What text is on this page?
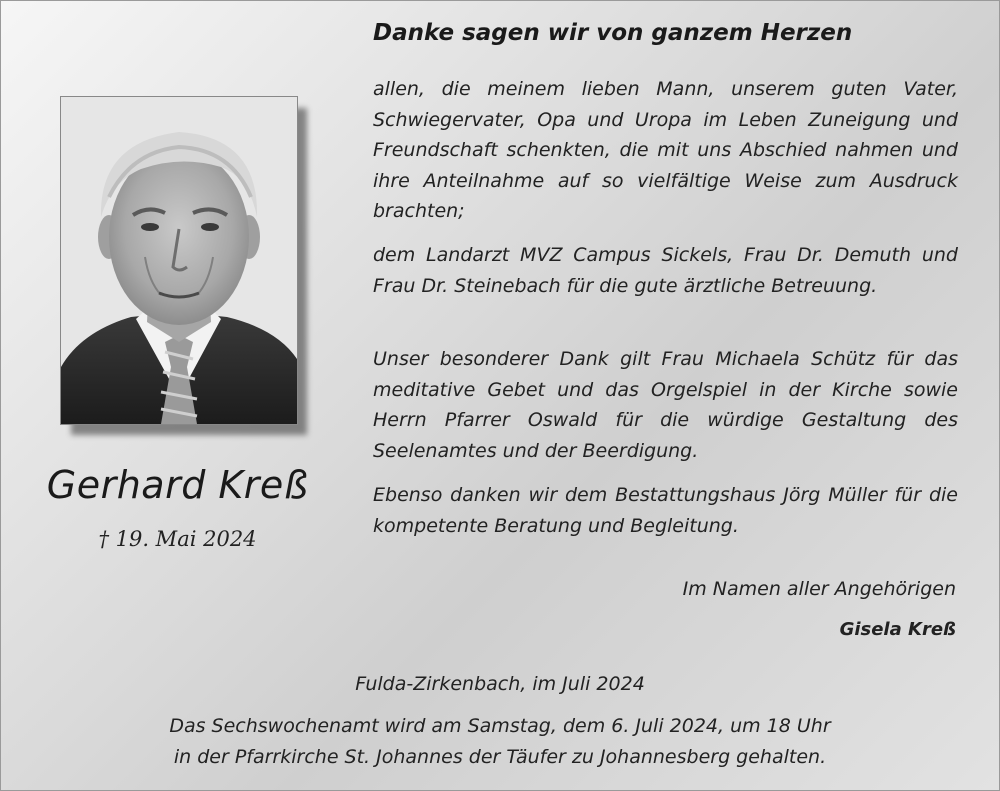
Gerhard Kreß
† 19. Mai 2024
Danke sagen wir von ganzem Herzen
allen, die meinem lieben Mann, unserem guten Vater, Schwiegervater, Opa und Uropa im Leben Zuneigung und Freundschaft schenkten, die mit uns Abschied nahmen und ihre Anteilnahme auf so vielfältige Weise zum Ausdruck brachten;
dem Landarzt MVZ Campus Sickels, Frau Dr. Demuth und Frau Dr. Steinebach für die gute ärztliche Betreuung.
Unser besonderer Dank gilt Frau Michaela Schütz für das meditative Gebet und das Orgelspiel in der Kirche sowie Herrn Pfarrer Oswald für die würdige Gestaltung des Seelenamtes und der Beerdigung.
Ebenso danken wir dem Bestattungshaus Jörg Müller für die kompetente Beratung und Begleitung.
Im Namen aller Angehörigen
Gisela Kreß
Fulda-Zirkenbach, im Juli 2024
Das Sechswochenamt wird am Samstag, dem 6. Juli 2024, um 18 Uhr
in der Pfarrkirche St. Johannes der Täufer zu Johannesberg gehalten.
